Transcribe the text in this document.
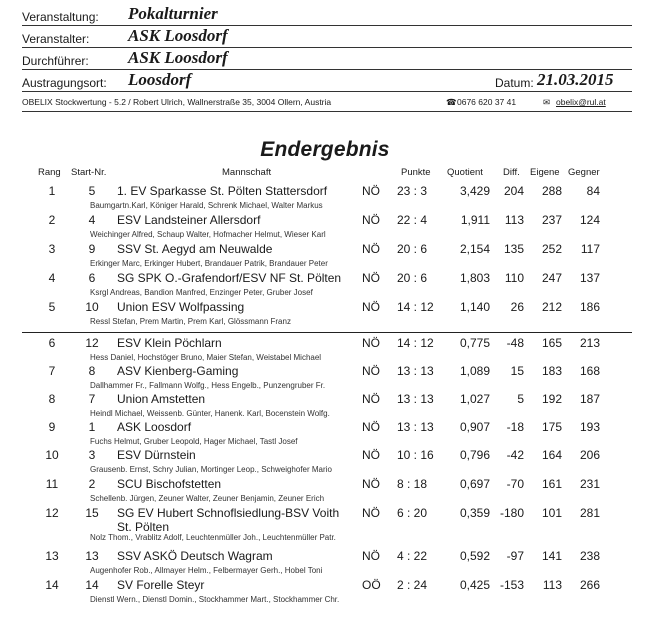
Veranstaltung: Pokalturnier
Veranstalter: ASK Loosdorf
Durchführer: ASK Loosdorf
Austragungsort: Loosdorf	Datum: 21.03.2015
OBELIX Stockwertung - 5.2 / Robert Ulrich, Wallnerstraße 35, 3004 Ollern, Austria	☎ 0676 620 37 41	✉ obelix@rul.at
Endergebnis
Rang Start-Nr.	Mannschaft	Punkte Quotient Diff. Eigene Gegner
1	5	1. EV Sparkasse St. Pölten Stattersdorf	NÖ 23 : 3	3,429	204	288	84
Baumgartn.Karl, Königer Harald, Schrenk Michael, Walter Markus
2	4	ESV Landsteiner Allersdorf	NÖ 22 : 4	1,911	113	237	124
Weichinger Alfred, Schaup Walter, Hofmacher Helmut, Wieser Karl
3	9	SSV St. Aegyd am Neuwalde	NÖ 20 : 6	2,154	135	252	117
Erkinger Marc, Erkinger Hubert, Brandauer Patrik, Brandauer Peter
4	6	SG SPK O.-Grafendorf/ESV NF St. Pölten NÖ 20 : 6	1,803	110	247	137
Ksrgl Andreas, Bandion Manfred, Enzinger Peter, Gruber Josef
5	10	Union ESV Wolfpassing	NÖ 14 : 12	1,140	26	212	186
Ressl Stefan, Prem Martin, Prem Karl, Glössmann Franz
6	12	ESV Klein Pöchlarn	NÖ 14 : 12	0,775	-48	165	213
Hess Daniel, Hochstöger Bruno, Maier Stefan, Weistabel Michael
7	8	ASV Kienberg-Gaming	NÖ 13 : 13	1,089	15	183	168
Dallhammer Fr., Fallmann Wolfg., Hess Engelb., Punzengruber Fr.
8	7	Union Amstetten	NÖ 13 : 13	1,027	5	192	187
Heindl Michael, Weissenb. Günter, Hanenk. Karl, Bocenstein Wolfg.
9	1	ASK Loosdorf	NÖ 13 : 13	0,907	-18	175	193
Fuchs Helmut, Gruber Leopold, Hager Michael, Tastl Josef
10	3	ESV Dürnstein	NÖ 10 : 16	0,796	-42	164	206
Grausenb. Ernst, Schry Julian, Mortinger Leop., Schweighofer Mario
11	2	SCU Bischofstetten	NÖ 8 : 18	0,697	-70	161	231
Schellenb. Jürgen, Zeuner Walter, Zeuner Benjamin, Zeuner Erich
12	15	SG EV Hubert Schnoflsiedlung-BSV Voith
St. Pölten
NÖ 6 : 20	0,359 -180	101	281
Nolz Thom., Vrablitz Adolf, Leuchtenmüller Joh., Leuchtenmüller Patr.
13	13	SSV ASKÖ Deutsch Wagram	NÖ 4 : 22	0,592	-97	141	238
Augenhofer Rob., Allmayer Helm., Felbermayer Gerh., Hobel Toni
14	14	SV Forelle Steyr	OÖ 2 : 24	0,425 -153	113	266
Dienstl Wern., Dienstl Domin., Stockhammer Mart., Stockhammer Chr.
